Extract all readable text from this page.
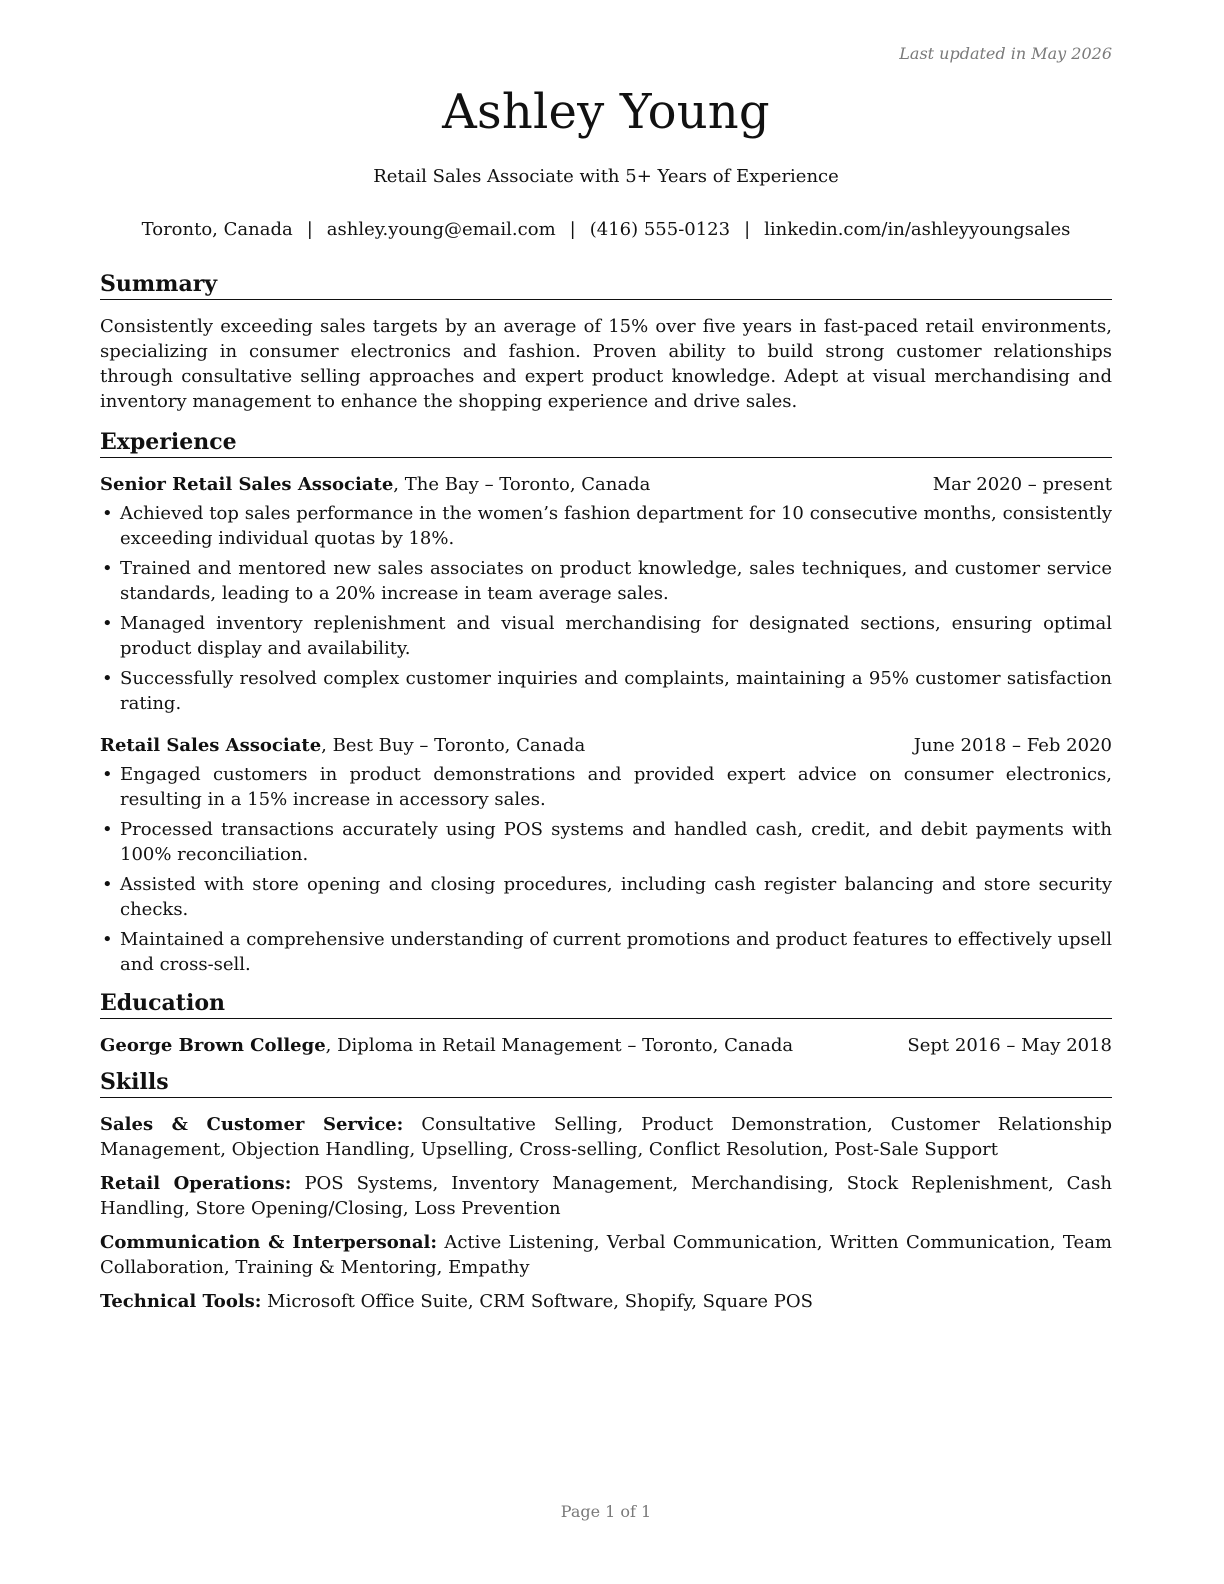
Last updated in May 2026
Ashley Young
Retail Sales Associate with 5+ Years of Experience
Toronto, Canada | ashley.young@email.com | (416) 555-0123 | linkedin.com/in/ashleyyoungsales
Summary

Consistently exceeding sales targets by an average of 15% over five years in fast-paced retail environments, specializing in consumer electronics and fashion. Proven ability to build strong customer relationships through consultative selling approaches and expert product knowledge. Adept at visual merchandising and inventory management to enhance the shopping experience and drive sales.

Experience
Senior Retail Sales Associate, The Bay – Toronto, Canada	Mar 2020 – present
• Achieved top sales performance in the women’s fashion department for 10 consecutive months, consistently exceeding individual quotas by 18%.
• Trained and mentored new sales associates on product knowledge, sales techniques, and customer service standards, leading to a 20% increase in team average sales.
• Managed inventory replenishment and visual merchandising for designated sections, ensuring optimal product display and availability.
• Successfully resolved complex customer inquiries and complaints, maintaining a 95% customer satisfaction rating.
Retail Sales Associate, Best Buy – Toronto, Canada	June 2018 – Feb 2020
• Engaged customers in product demonstrations and provided expert advice on consumer electronics, resulting in a 15% increase in accessory sales.
• Processed transactions accurately using POS systems and handled cash, credit, and debit payments with 100% reconciliation.
• Assisted with store opening and closing procedures, including cash register balancing and store security checks.
• Maintained a comprehensive understanding of current promotions and product features to effectively upsell and cross-sell.
Education
George Brown College, Diploma in Retail Management – Toronto, Canada	Sept 2016 – May 2018
Skills

Sales & Customer Service: Consultative Selling, Product Demonstration, Customer Relationship Management, Objection Handling, Upselling, Cross-selling, Conflict Resolution, Post-Sale Support

Retail Operations: POS Systems, Inventory Management, Merchandising, Stock Replenishment, Cash Handling, Store Opening/Closing, Loss Prevention

Communication & Interpersonal: Active Listening, Verbal Communication, Written Communication, Team Collaboration, Training & Mentoring, Empathy

Technical Tools: Microsoft Office Suite, CRM Software, Shopify, Square POS

Page 1 of 1
